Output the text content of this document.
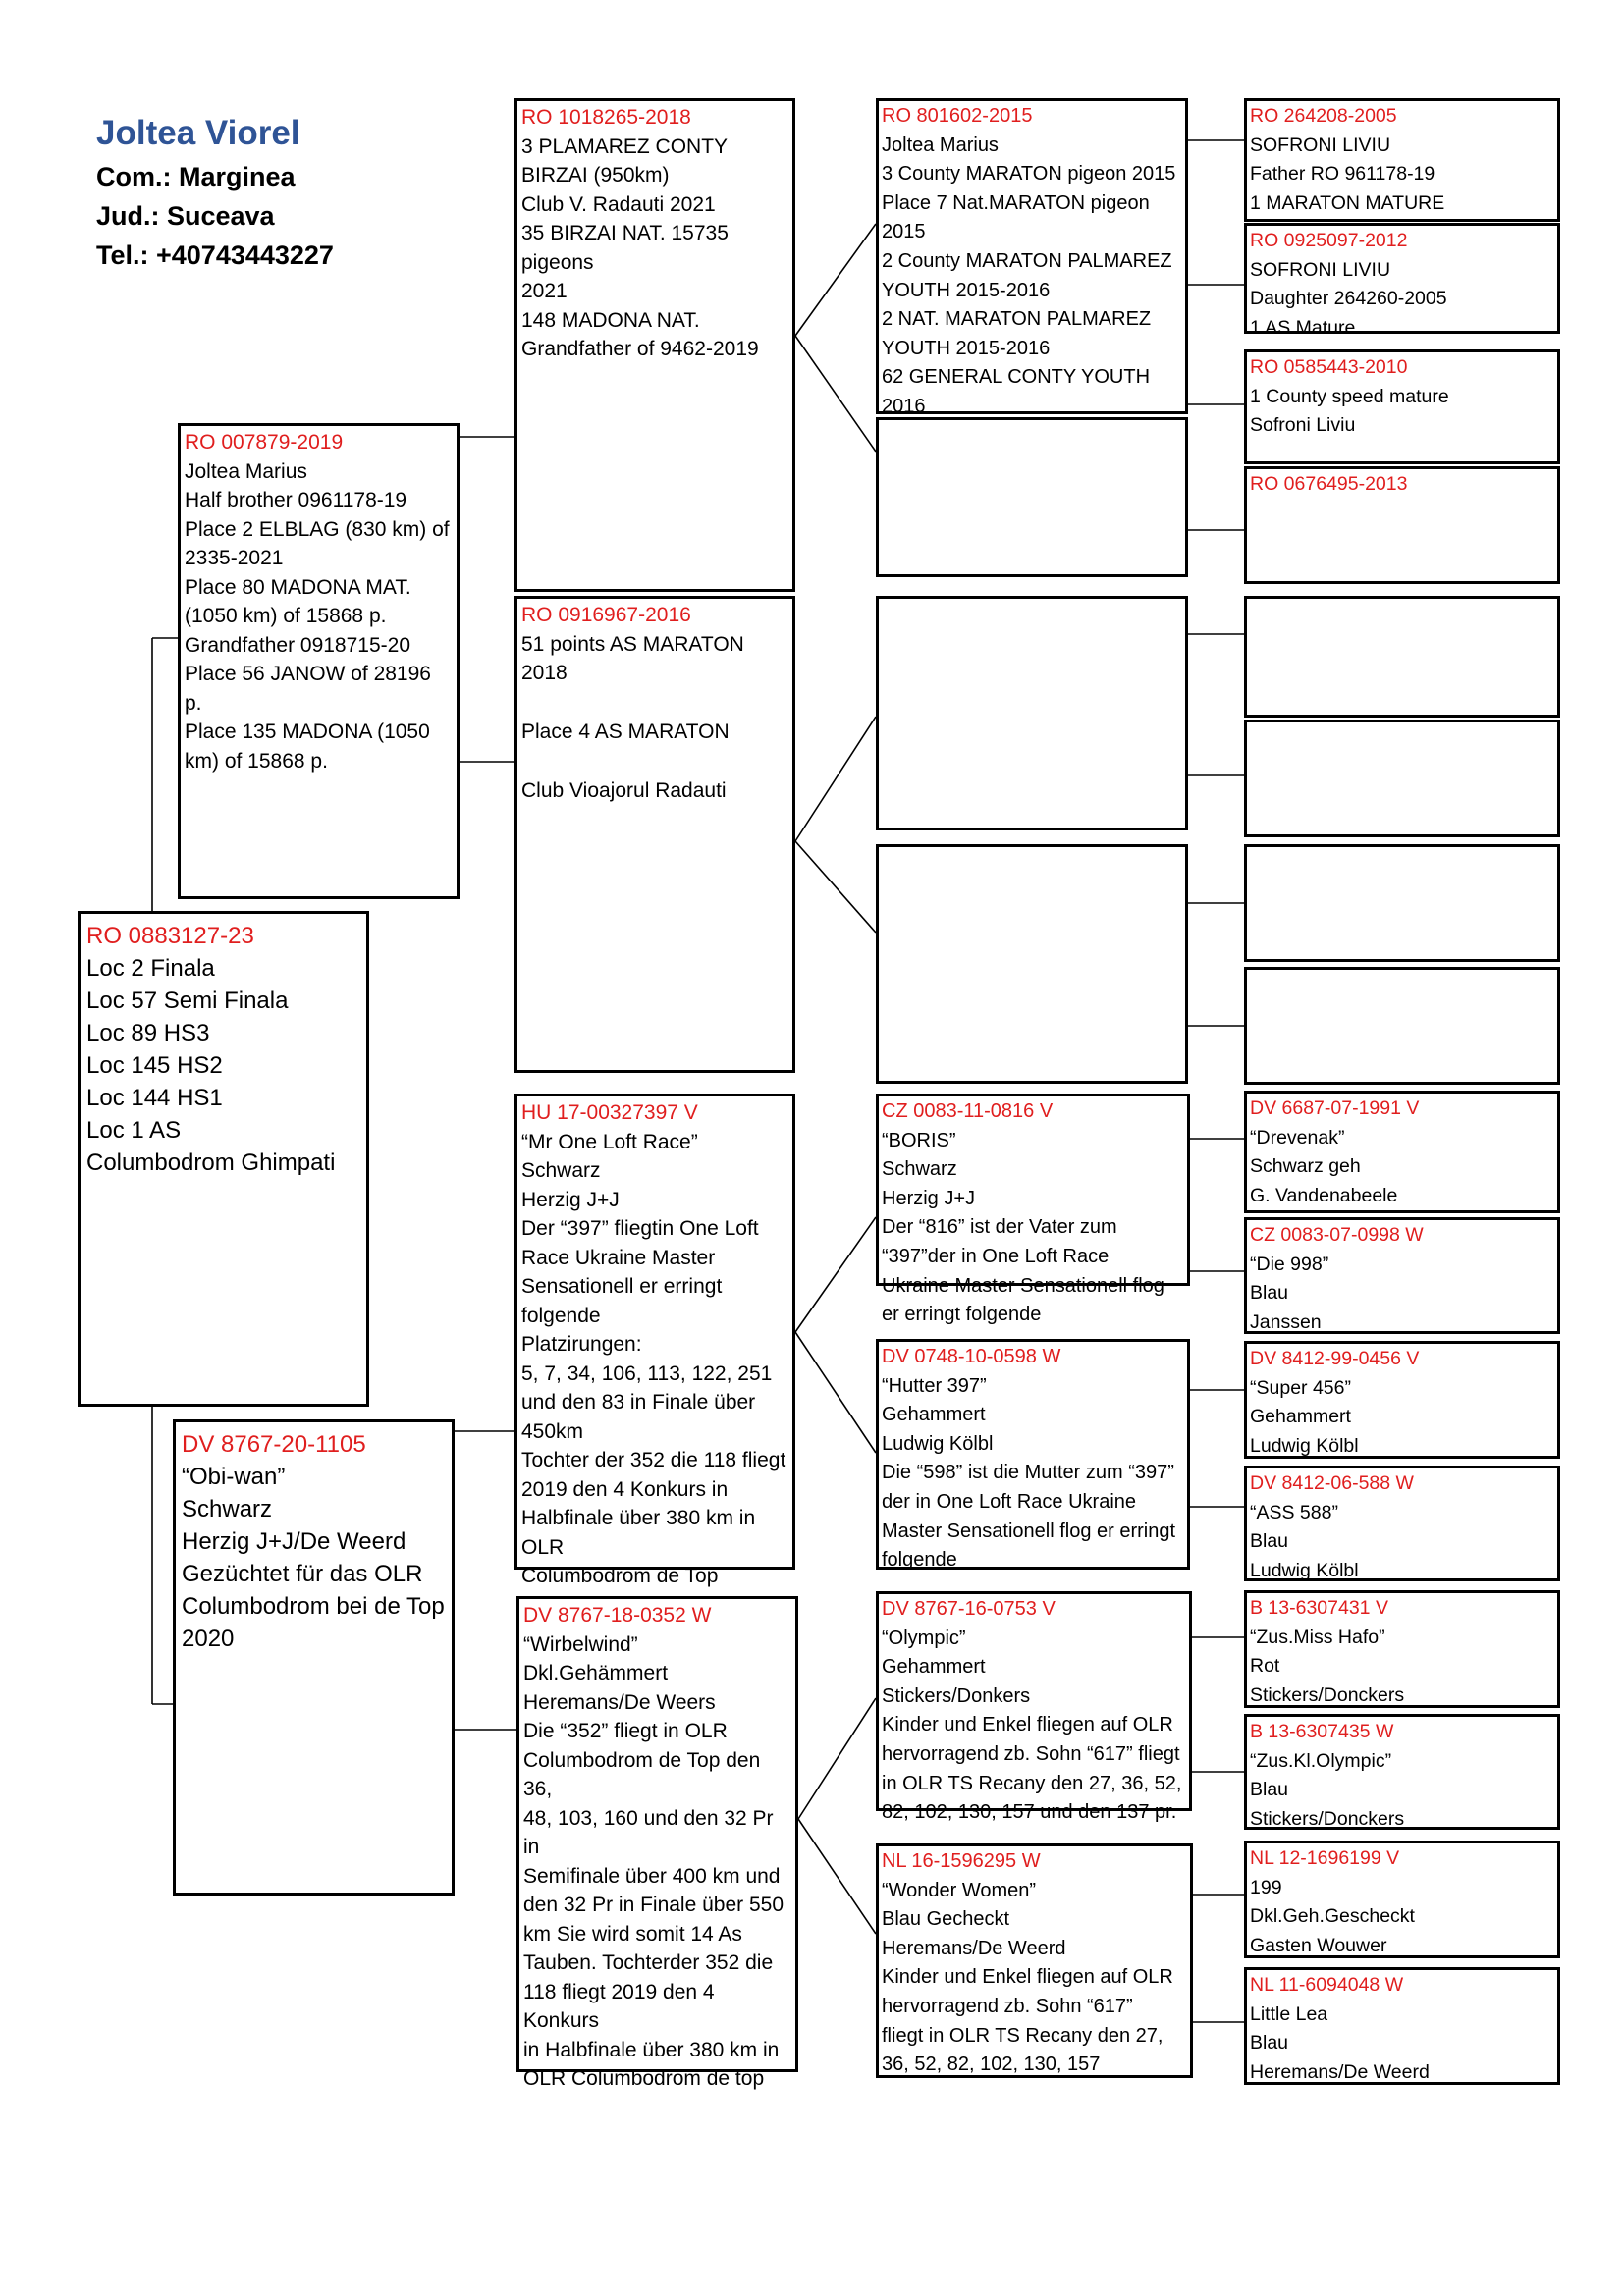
Joltea Viorel
Com.: Marginea
Jud.: Suceava
Tel.: +40743443227
RO 0883127-23
Loc 2 Finala
Loc 57 Semi Finala
Loc 89 HS3
Loc 145 HS2
Loc 144 HS1
Loc 1 AS
Columbodrom Ghimpati
RO 007879-2019
Joltea Marius
Half brother 0961178-19
Place 2 ELBLAG (830 km) of
2335-2021
Place 80 MADONA MAT.
(1050 km) of 15868 p.
Grandfather 0918715-20
Place 56 JANOW of 28196 p.
Place 135 MADONA (1050
km) of 15868 p.
DV 8767-20-1105
“Obi-wan”
Schwarz
Herzig J+J/De Weerd
Gezüchtet für das OLR
Columbodrom bei de Top
2020
RO 1018265-2018
3 PLAMAREZ CONTY
BIRZAI (950km)
Club V. Radauti 2021
35 BIRZAI NAT. 15735 pigeons
2021
148 MADONA NAT.
Grandfather of 9462-2019
RO 0916967-2016
51 points AS MARATON 2018
Place 4 AS MARATON
Club Vioajorul Radauti
HU 17-00327397 V
“Mr One Loft Race”
Schwarz
Herzig J+J
Der “397” fliegtin One Loft
Race Ukraine Master
Sensationell er erringt
folgende
Platzirungen:
5, 7, 34, 106, 113, 122, 251
und den 83 in Finale über
450km
Tochter der 352 die 118 fliegt
2019 den 4 Konkurs in
Halbfinale über 380 km in OLR
Columbodrom de Top
DV 8767-18-0352 W
“Wirbelwind”
Dkl.Gehämmert
Heremans/De Weers
Die “352” fliegt in OLR
Columbodrom de Top den 36,
48, 103, 160 und den 32 Pr in
Semifinale über 400 km und
den 32 Pr in Finale über 550
km Sie wird somit 14 As
Tauben. Tochterder 352 die
118 fliegt 2019 den 4 Konkurs
in Halbfinale über 380 km in
OLR Columbodrom de top
RO 801602-2015
Joltea Marius
3 County MARATON pigeon 2015
Place 7 Nat.MARATON pigeon
2015
2 County MARATON PALMAREZ
YOUTH 2015-2016
2 NAT. MARATON PALMAREZ
YOUTH 2015-2016
62 GENERAL CONTY YOUTH 2016
CZ 0083-11-0816 V
“BORIS”
Schwarz
Herzig J+J
Der “816” ist der Vater zum
“397”der in One Loft Race
Ukraine Master Sensationell flog
er erringt folgende
DV 0748-10-0598 W
“Hutter 397”
Gehammert
Ludwig Kölbl
Die “598” ist die Mutter zum “397”
der in One Loft Race Ukraine
Master Sensationell flog er erringt
folgende
DV 8767-16-0753 V
“Olympic”
Gehammert
Stickers/Donkers
Kinder und Enkel fliegen auf OLR
hervorragend zb. Sohn “617” fliegt
in OLR TS Recany den 27, 36, 52,
82, 102, 130, 157 und den 137 pr.
NL 16-1596295 W
“Wonder Women”
Blau Gecheckt
Heremans/De Weerd
Kinder und Enkel fliegen auf OLR
hervorragend zb. Sohn “617”
fliegt in OLR TS Recany den 27,
36, 52, 82, 102, 130, 157
RO 264208-2005
SOFRONI LIVIU
Father RO 961178-19
1 MARATON MATURE
RO 0925097-2012
SOFRONI LIVIU
Daughter 264260-2005
1 AS Mature
RO 0585443-2010
1 County speed mature
Sofroni Liviu
RO 0676495-2013
DV 6687-07-1991 V
“Drevenak”
Schwarz geh
G. Vandenabeele
CZ 0083-07-0998 W
“Die 998”
Blau
Janssen
DV 8412-99-0456 V
“Super 456”
Gehammert
Ludwig Kölbl
DV 8412-06-588 W
“ASS 588”
Blau
Ludwig Kölbl
B 13-6307431 V
“Zus.Miss Hafo”
Rot
Stickers/Donckers
B 13-6307435 W
“Zus.Kl.Olympic”
Blau
Stickers/Donckers
NL 12-1696199 V
199
Dkl.Geh.Gescheckt
Gasten Wouwer
NL 11-6094048 W
Little Lea
Blau
Heremans/De Weerd
